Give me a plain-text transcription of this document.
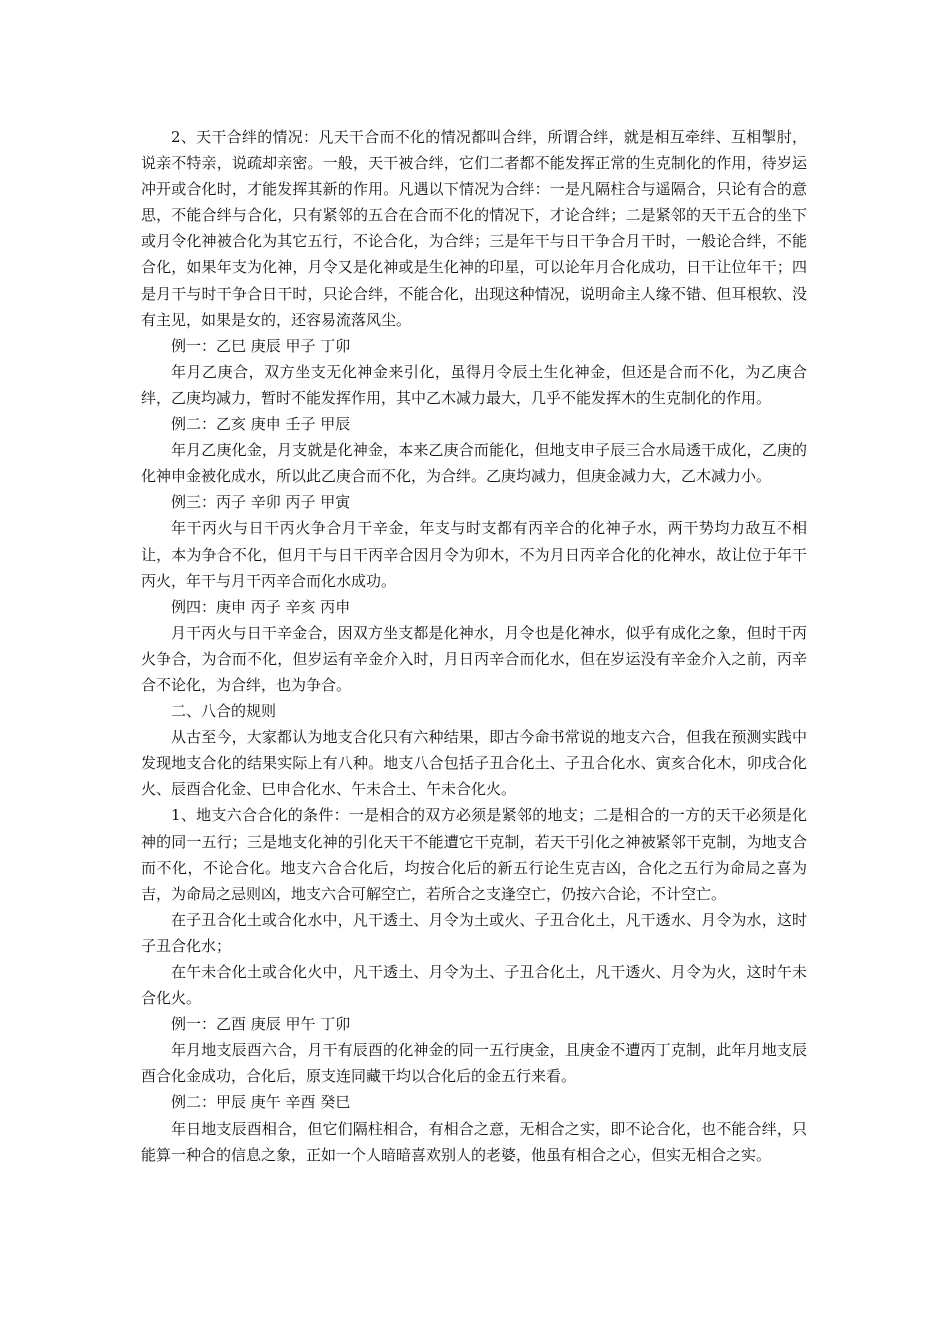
2、天干合绊的情况：凡天干合而不化的情况都叫合绊，所谓合绊，就是相互牵绊、互相掣肘，说亲不特亲，说疏却亲密。一般，天干被合绊，它们二者都不能发挥正常的生克制化的作用，待岁运冲开或合化时，才能发挥其新的作用。凡遇以下情况为合绊：一是凡隔柱合与遥隔合，只论有合的意思，不能合绊与合化，只有紧邻的五合在合而不化的情况下，才论合绊；二是紧邻的天干五合的坐下或月令化神被合化为其它五行，不论合化，为合绊；三是年干与日干争合月干时，一般论合绊，不能合化，如果年支为化神，月令又是化神或是生化神的印星，可以论年月合化成功，日干让位年干；四是月干与时干争合日干时，只论合绊，不能合化，出现这种情况，说明命主人缘不错、但耳根软、没有主见，如果是女的，还容易流落风尘。

例一：乙巳 庚辰 甲子 丁卯

年月乙庚合，双方坐支无化神金来引化，虽得月令辰土生化神金，但还是合而不化，为乙庚合绊，乙庚均减力，暂时不能发挥作用，其中乙木减力最大，几乎不能发挥木的生克制化的作用。

例二：乙亥 庚申 壬子 甲辰

年月乙庚化金，月支就是化神金，本来乙庚合而能化，但地支申子辰三合水局透干成化，乙庚的化神申金被化成水，所以此乙庚合而不化，为合绊。乙庚均减力，但庚金减力大，乙木减力小。

例三：丙子 辛卯 丙子 甲寅

年干丙火与日干丙火争合月干辛金，年支与时支都有丙辛合的化神子水，两干势均力敌互不相让，本为争合不化，但月干与日干丙辛合因月令为卯木，不为月日丙辛合化的化神水，故让位于年干丙火，年干与月干丙辛合而化水成功。

例四：庚申 丙子 辛亥 丙申

月干丙火与日干辛金合，因双方坐支都是化神水，月令也是化神水，似乎有成化之象，但时干丙火争合，为合而不化，但岁运有辛金介入时，月日丙辛合而化水，但在岁运没有辛金介入之前，丙辛合不论化，为合绊，也为争合。

二、八合的规则

从古至今，大家都认为地支合化只有六种结果，即古今命书常说的地支六合，但我在预测实践中发现地支合化的结果实际上有八种。地支八合包括子丑合化土、子丑合化水、寅亥合化木，卯戌合化火、辰酉合化金、巳申合化水、午未合土、午未合化火。

1、地支六合合化的条件：一是相合的双方必须是紧邻的地支；二是相合的一方的天干必须是化神的同一五行；三是地支化神的引化天干不能遭它干克制，若天干引化之神被紧邻干克制，为地支合而不化，不论合化。地支六合合化后，均按合化后的新五行论生克吉凶，合化之五行为命局之喜为吉，为命局之忌则凶，地支六合可解空亡，若所合之支逢空亡，仍按六合论，不计空亡。

在子丑合化土或合化水中，凡干透土、月令为土或火、子丑合化土，凡干透水、月令为水，这时子丑合化水；

在午未合化土或合化火中，凡干透土、月令为土、子丑合化土，凡干透火、月令为火，这时午未合化火。

例一：乙酉 庚辰 甲午 丁卯

年月地支辰酉六合，月干有辰酉的化神金的同一五行庚金，且庚金不遭丙丁克制，此年月地支辰酉合化金成功，合化后，原支连同藏干均以合化后的金五行来看。

例二：甲辰 庚午 辛酉 癸巳

年日地支辰酉相合，但它们隔柱相合，有相合之意，无相合之实，即不论合化，也不能合绊，只能算一种合的信息之象，正如一个人暗暗喜欢别人的老婆，他虽有相合之心，但实无相合之实。
